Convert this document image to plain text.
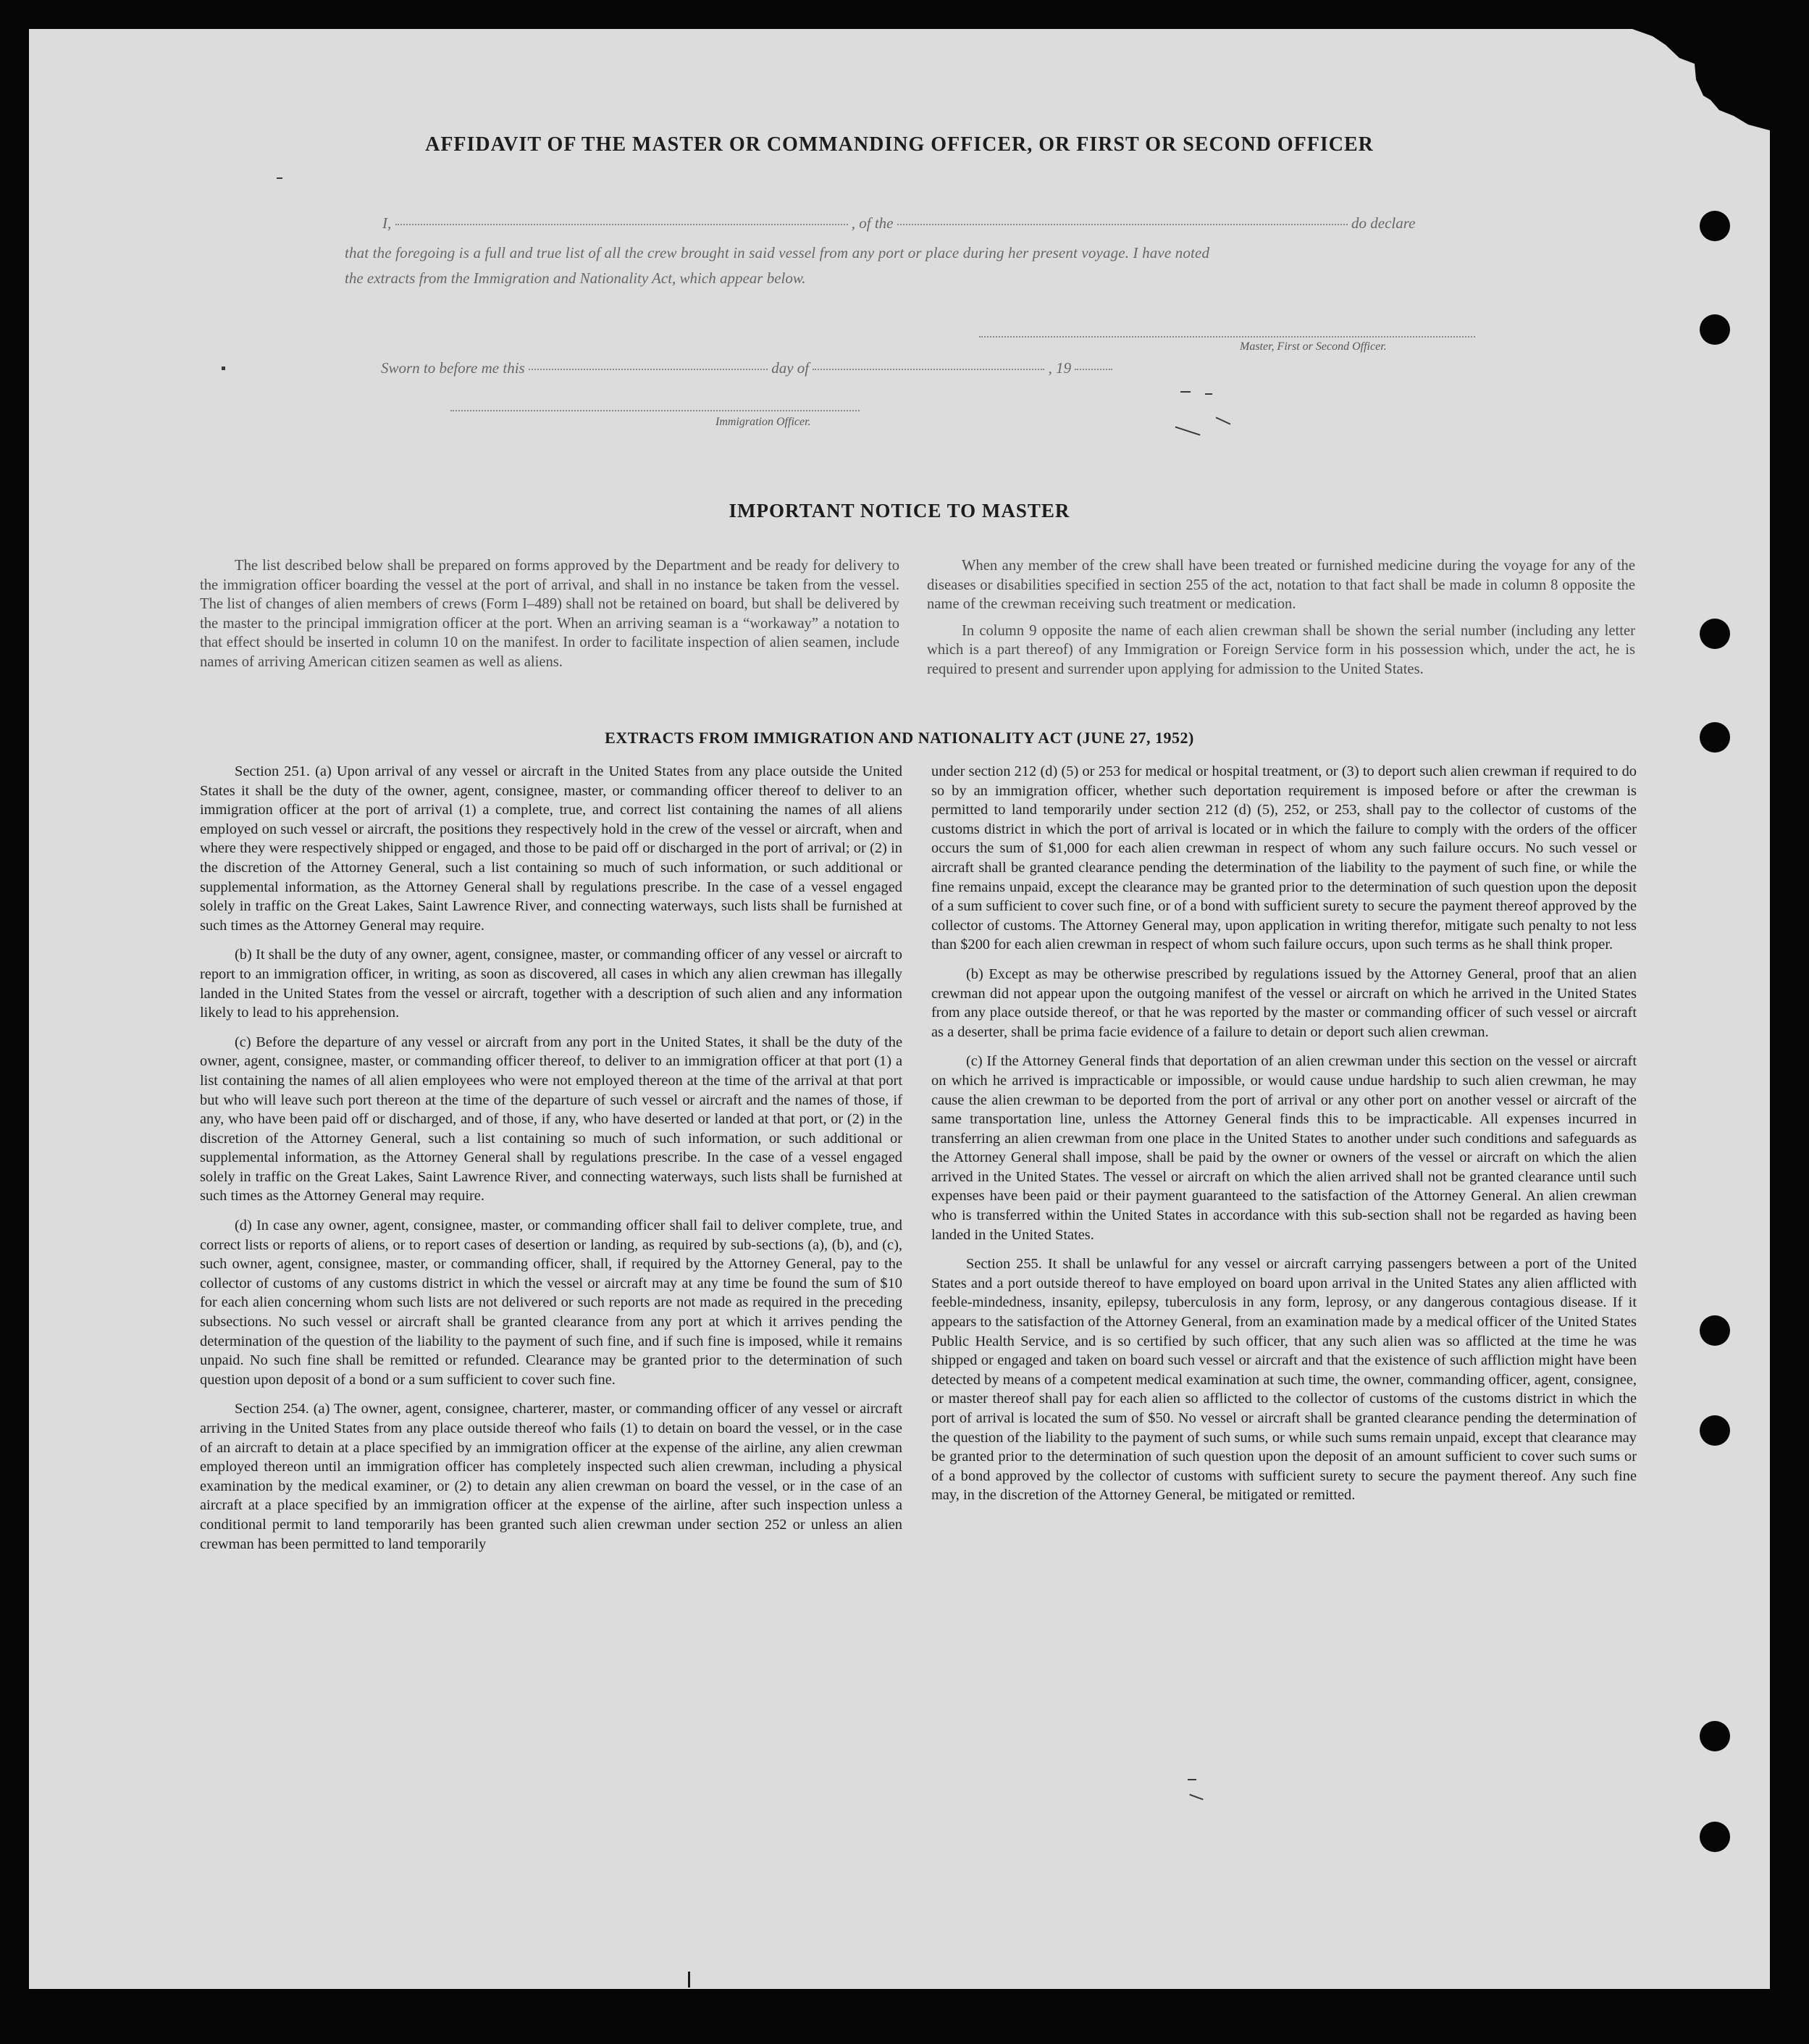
AFFIDAVIT OF THE MASTER OR COMMANDING OFFICER, OR FIRST OR SECOND OFFICER
I,	, of the	do declare
that the foregoing is a full and true list of all the crew brought in said vessel from any port or place during her present voyage. I have noted
the extracts from the Immigration and Nationality Act, which appear below.
Master, First or Second Officer.
Sworn to before me this	day of	, 19
Immigration Officer.
IMPORTANT NOTICE TO MASTER

The list described below shall be prepared on forms approved by the Department and be ready for delivery to the immigration officer boarding the vessel at the port of arrival, and shall in no instance be taken from the vessel. The list of changes of alien members of crews (Form I–489) shall not be retained on board, but shall be delivered by the master to the principal immigration officer at the port. When an arriving seaman is a “workaway” a notation to that effect should be inserted in column 10 on the manifest. In order to facilitate inspection of alien seamen, include names of arriving American citizen seamen as well as aliens.

When any member of the crew shall have been treated or furnished medicine during the voyage for any of the diseases or disabilities specified in section 255 of the act, notation to that fact shall be made in column 8 opposite the name of the crewman receiving such treatment or medication.

In column 9 opposite the name of each alien crewman shall be shown the serial number (including any letter which is a part thereof) of any Immigration or Foreign Service form in his possession which, under the act, he is required to present and surrender upon applying for admission to the United States.

EXTRACTS FROM IMMIGRATION AND NATIONALITY ACT (JUNE 27, 1952)

Section 251. (a) Upon arrival of any vessel or aircraft in the United States from any place outside the United States it shall be the duty of the owner, agent, consignee, master, or commanding officer thereof to deliver to an immigration officer at the port of arrival (1) a complete, true, and correct list containing the names of all aliens employed on such vessel or aircraft, the positions they respectively hold in the crew of the vessel or aircraft, when and where they were respectively shipped or engaged, and those to be paid off or discharged in the port of arrival; or (2) in the discretion of the Attorney General, such a list containing so much of such information, or such additional or supplemental information, as the Attorney General shall by regulations prescribe. In the case of a vessel engaged solely in traffic on the Great Lakes, Saint Lawrence River, and connecting waterways, such lists shall be furnished at such times as the Attorney General may require.

(b) It shall be the duty of any owner, agent, consignee, master, or commanding officer of any vessel or aircraft to report to an immigration officer, in writing, as soon as discovered, all cases in which any alien crewman has illegally landed in the United States from the vessel or aircraft, together with a description of such alien and any information likely to lead to his apprehension.

(c) Before the departure of any vessel or aircraft from any port in the United States, it shall be the duty of the owner, agent, consignee, master, or commanding officer thereof, to deliver to an immigration officer at that port (1) a list containing the names of all alien employees who were not employed thereon at the time of the arrival at that port but who will leave such port thereon at the time of the departure of such vessel or aircraft and the names of those, if any, who have been paid off or discharged, and of those, if any, who have deserted or landed at that port, or (2) in the discretion of the Attorney General, such a list containing so much of such information, or such additional or supplemental information, as the Attorney General shall by regulations prescribe. In the case of a vessel engaged solely in traffic on the Great Lakes, Saint Lawrence River, and connecting waterways, such lists shall be furnished at such times as the Attorney General may require.

(d) In case any owner, agent, consignee, master, or commanding officer shall fail to deliver complete, true, and correct lists or reports of aliens, or to report cases of desertion or landing, as required by sub-sections (a), (b), and (c), such owner, agent, consignee, master, or commanding officer, shall, if required by the Attorney General, pay to the collector of customs of any customs district in which the vessel or aircraft may at any time be found the sum of $10 for each alien concerning whom such lists are not delivered or such reports are not made as required in the preceding subsections. No such vessel or aircraft shall be granted clearance from any port at which it arrives pending the determination of the question of the liability to the payment of such fine, and if such fine is imposed, while it remains unpaid. No such fine shall be remitted or refunded. Clearance may be granted prior to the determination of such question upon deposit of a bond or a sum sufficient to cover such fine.

Section 254. (a) The owner, agent, consignee, charterer, master, or commanding officer of any vessel or aircraft arriving in the United States from any place outside thereof who fails (1) to detain on board the vessel, or in the case of an aircraft to detain at a place specified by an immigration officer at the expense of the airline, any alien crewman employed thereon until an immigration officer has completely inspected such alien crewman, including a physical examination by the medical examiner, or (2) to detain any alien crewman on board the vessel, or in the case of an aircraft at a place specified by an immigration officer at the expense of the airline, after such inspection unless a conditional permit to land temporarily has been granted such alien crewman under section 252 or unless an alien crewman has been permitted to land temporarily

under section 212 (d) (5) or 253 for medical or hospital treatment, or (3) to deport such alien crewman if required to do so by an immigration officer, whether such deportation requirement is imposed before or after the crewman is permitted to land temporarily under section 212 (d) (5), 252, or 253, shall pay to the collector of customs of the customs district in which the port of arrival is located or in which the failure to comply with the orders of the officer occurs the sum of $1,000 for each alien crewman in respect of whom any such failure occurs. No such vessel or aircraft shall be granted clearance pending the determination of the liability to the payment of such fine, or while the fine remains unpaid, except the clearance may be granted prior to the determination of such question upon the deposit of a sum sufficient to cover such fine, or of a bond with sufficient surety to secure the payment thereof approved by the collector of customs. The Attorney General may, upon application in writing therefor, mitigate such penalty to not less than $200 for each alien crewman in respect of whom such failure occurs, upon such terms as he shall think proper.

(b) Except as may be otherwise prescribed by regulations issued by the Attorney General, proof that an alien crewman did not appear upon the outgoing manifest of the vessel or aircraft on which he arrived in the United States from any place outside thereof, or that he was reported by the master or commanding officer of such vessel or aircraft as a deserter, shall be prima facie evidence of a failure to detain or deport such alien crewman.

(c) If the Attorney General finds that deportation of an alien crewman under this section on the vessel or aircraft on which he arrived is impracticable or impossible, or would cause undue hardship to such alien crewman, he may cause the alien crewman to be deported from the port of arrival or any other port on another vessel or aircraft of the same transportation line, unless the Attorney General finds this to be impracticable. All expenses incurred in transferring an alien crewman from one place in the United States to another under such conditions and safeguards as the Attorney General shall impose, shall be paid by the owner or owners of the vessel or aircraft on which the alien arrived in the United States. The vessel or aircraft on which the alien arrived shall not be granted clearance until such expenses have been paid or their payment guaranteed to the satisfaction of the Attorney General. An alien crewman who is transferred within the United States in accordance with this sub-section shall not be regarded as having been landed in the United States.

Section 255. It shall be unlawful for any vessel or aircraft carrying passengers between a port of the United States and a port outside thereof to have employed on board upon arrival in the United States any alien afflicted with feeble-mindedness, insanity, epilepsy, tuberculosis in any form, leprosy, or any dangerous contagious disease. If it appears to the satisfaction of the Attorney General, from an examination made by a medical officer of the United States Public Health Service, and is so certified by such officer, that any such alien was so afflicted at the time he was shipped or engaged and taken on board such vessel or aircraft and that the existence of such affliction might have been detected by means of a competent medical examination at such time, the owner, commanding officer, agent, consignee, or master thereof shall pay for each alien so afflicted to the collector of customs of the customs district in which the port of arrival is located the sum of $50. No vessel or aircraft shall be granted clearance pending the determination of the question of the liability to the payment of such sums, or while such sums remain unpaid, except that clearance may be granted prior to the determination of such question upon the deposit of an amount sufficient to cover such sums or of a bond approved by the collector of customs with sufficient surety to secure the payment thereof. Any such fine may, in the discretion of the Attorney General, be mitigated or remitted.
